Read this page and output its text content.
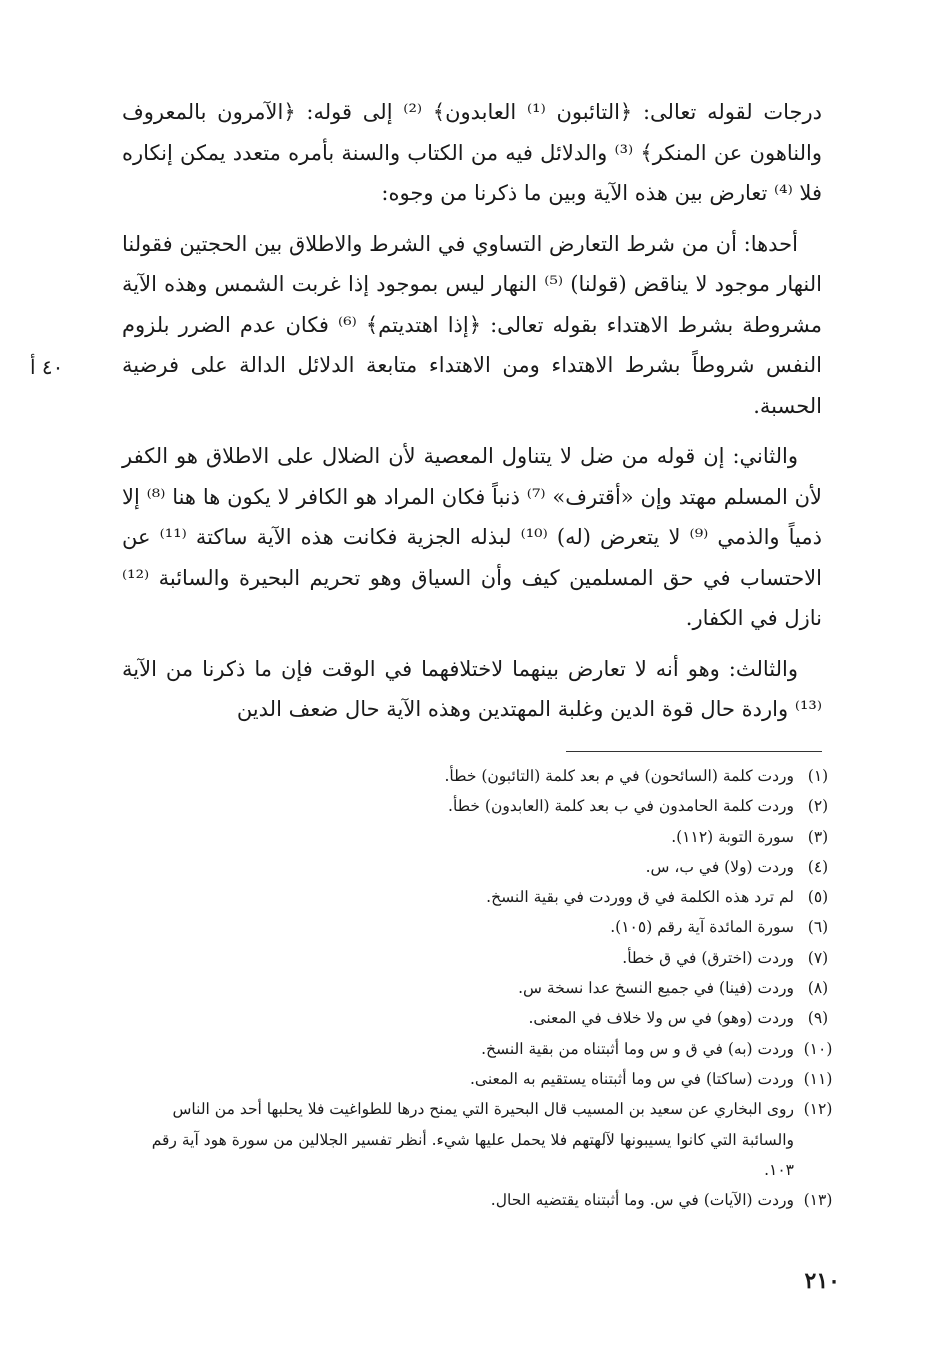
درجات لقوله تعالى: ﴿التائبون ⁽¹⁾ العابدون﴾ ⁽²⁾ إلى قوله: ﴿الآمرون بالمعروف والناهون عن المنكر﴾ ⁽³⁾ والدلائل فيه من الكتاب والسنة بأمره متعدد يمكن إنكاره فلا ⁽⁴⁾ تعارض بين هذه الآية وبين ما ذكرنا من وجوه:

أحدها: أن من شرط التعارض التساوي في الشرط والاطلاق بين الحجتين فقولنا النهار موجود لا يناقض (قولنا) ⁽⁵⁾ النهار ليس بموجود إذا غربت الشمس وهذه الآية مشروطة بشرط الاهتداء بقوله تعالى: ﴿إذا اهتديتم﴾ ⁽⁶⁾ فكان عدم الضرر بلزوم النفس شروطاً بشرط الاهتداء ومن الاهتداء متابعة الدلائل الدالة على فرضية الحسبة.

والثاني: إن قوله من ضل لا يتناول المعصية لأن الضلال على الاطلاق هو الكفر لأن المسلم مهتد وإن «أقترف» ⁽⁷⁾ ذنباً فكان المراد هو الكافر لا يكون ها هنا ⁽⁸⁾ إلا ذمياً والذمي ⁽⁹⁾ لا يتعرض (له) ⁽¹⁰⁾ لبذله الجزية فكانت هذه الآية ساكتة ⁽¹¹⁾ عن الاحتساب في حق المسلمين كيف وأن السياق وهو تحريم البحيرة والسائبة ⁽¹²⁾ نازل في الكفار.

والثالث: وهو أنه لا تعارض بينهما لاختلافهما في الوقت فإن ما ذكرنا من الآية ⁽¹³⁾ واردة حال قوة الدين وغلبة المهتدين وهذه الآية حال ضعف الدين

٤٠ أ
(١)
وردت كلمة (السائحون) في م بعد كلمة (التائبون) خطأ.
(٢)
وردت كلمة الحامدون في ب بعد كلمة (العابدون) خطأ.
(٣)
سورة التوبة (١١٢).
(٤)
وردت (ولا) في ب، س.
(٥)
لم ترد هذه الكلمة في ق ووردت في بقية النسخ.
(٦)
سورة المائدة آية رقم (١٠٥).
(٧)
وردت (اخترق) في ق خطأ.
(٨)
وردت (فينا) في جميع النسخ عدا نسخة س.
(٩)
وردت (وهو) في س ولا خلاف في المعنى.
(١٠)
وردت (به) في ق و س وما أثبتناه من بقية النسخ.
(١١)
وردت (ساكتا) في س وما أثبتناه يستقيم به المعنى.
(١٢)
روى البخاري عن سعيد بن المسيب قال البحيرة التي يمنح درها للطواغيت فلا يحلبها أحد من الناس والسائبة التي كانوا يسيبونها لآلهتهم فلا يحمل عليها شيء. أنظر تفسير الجلالين من سورة هود آية رقم ١٠٣.
(١٣)
وردت (الآيات) في س. وما أثبتناه يقتضيه الحال.
٢١٠
